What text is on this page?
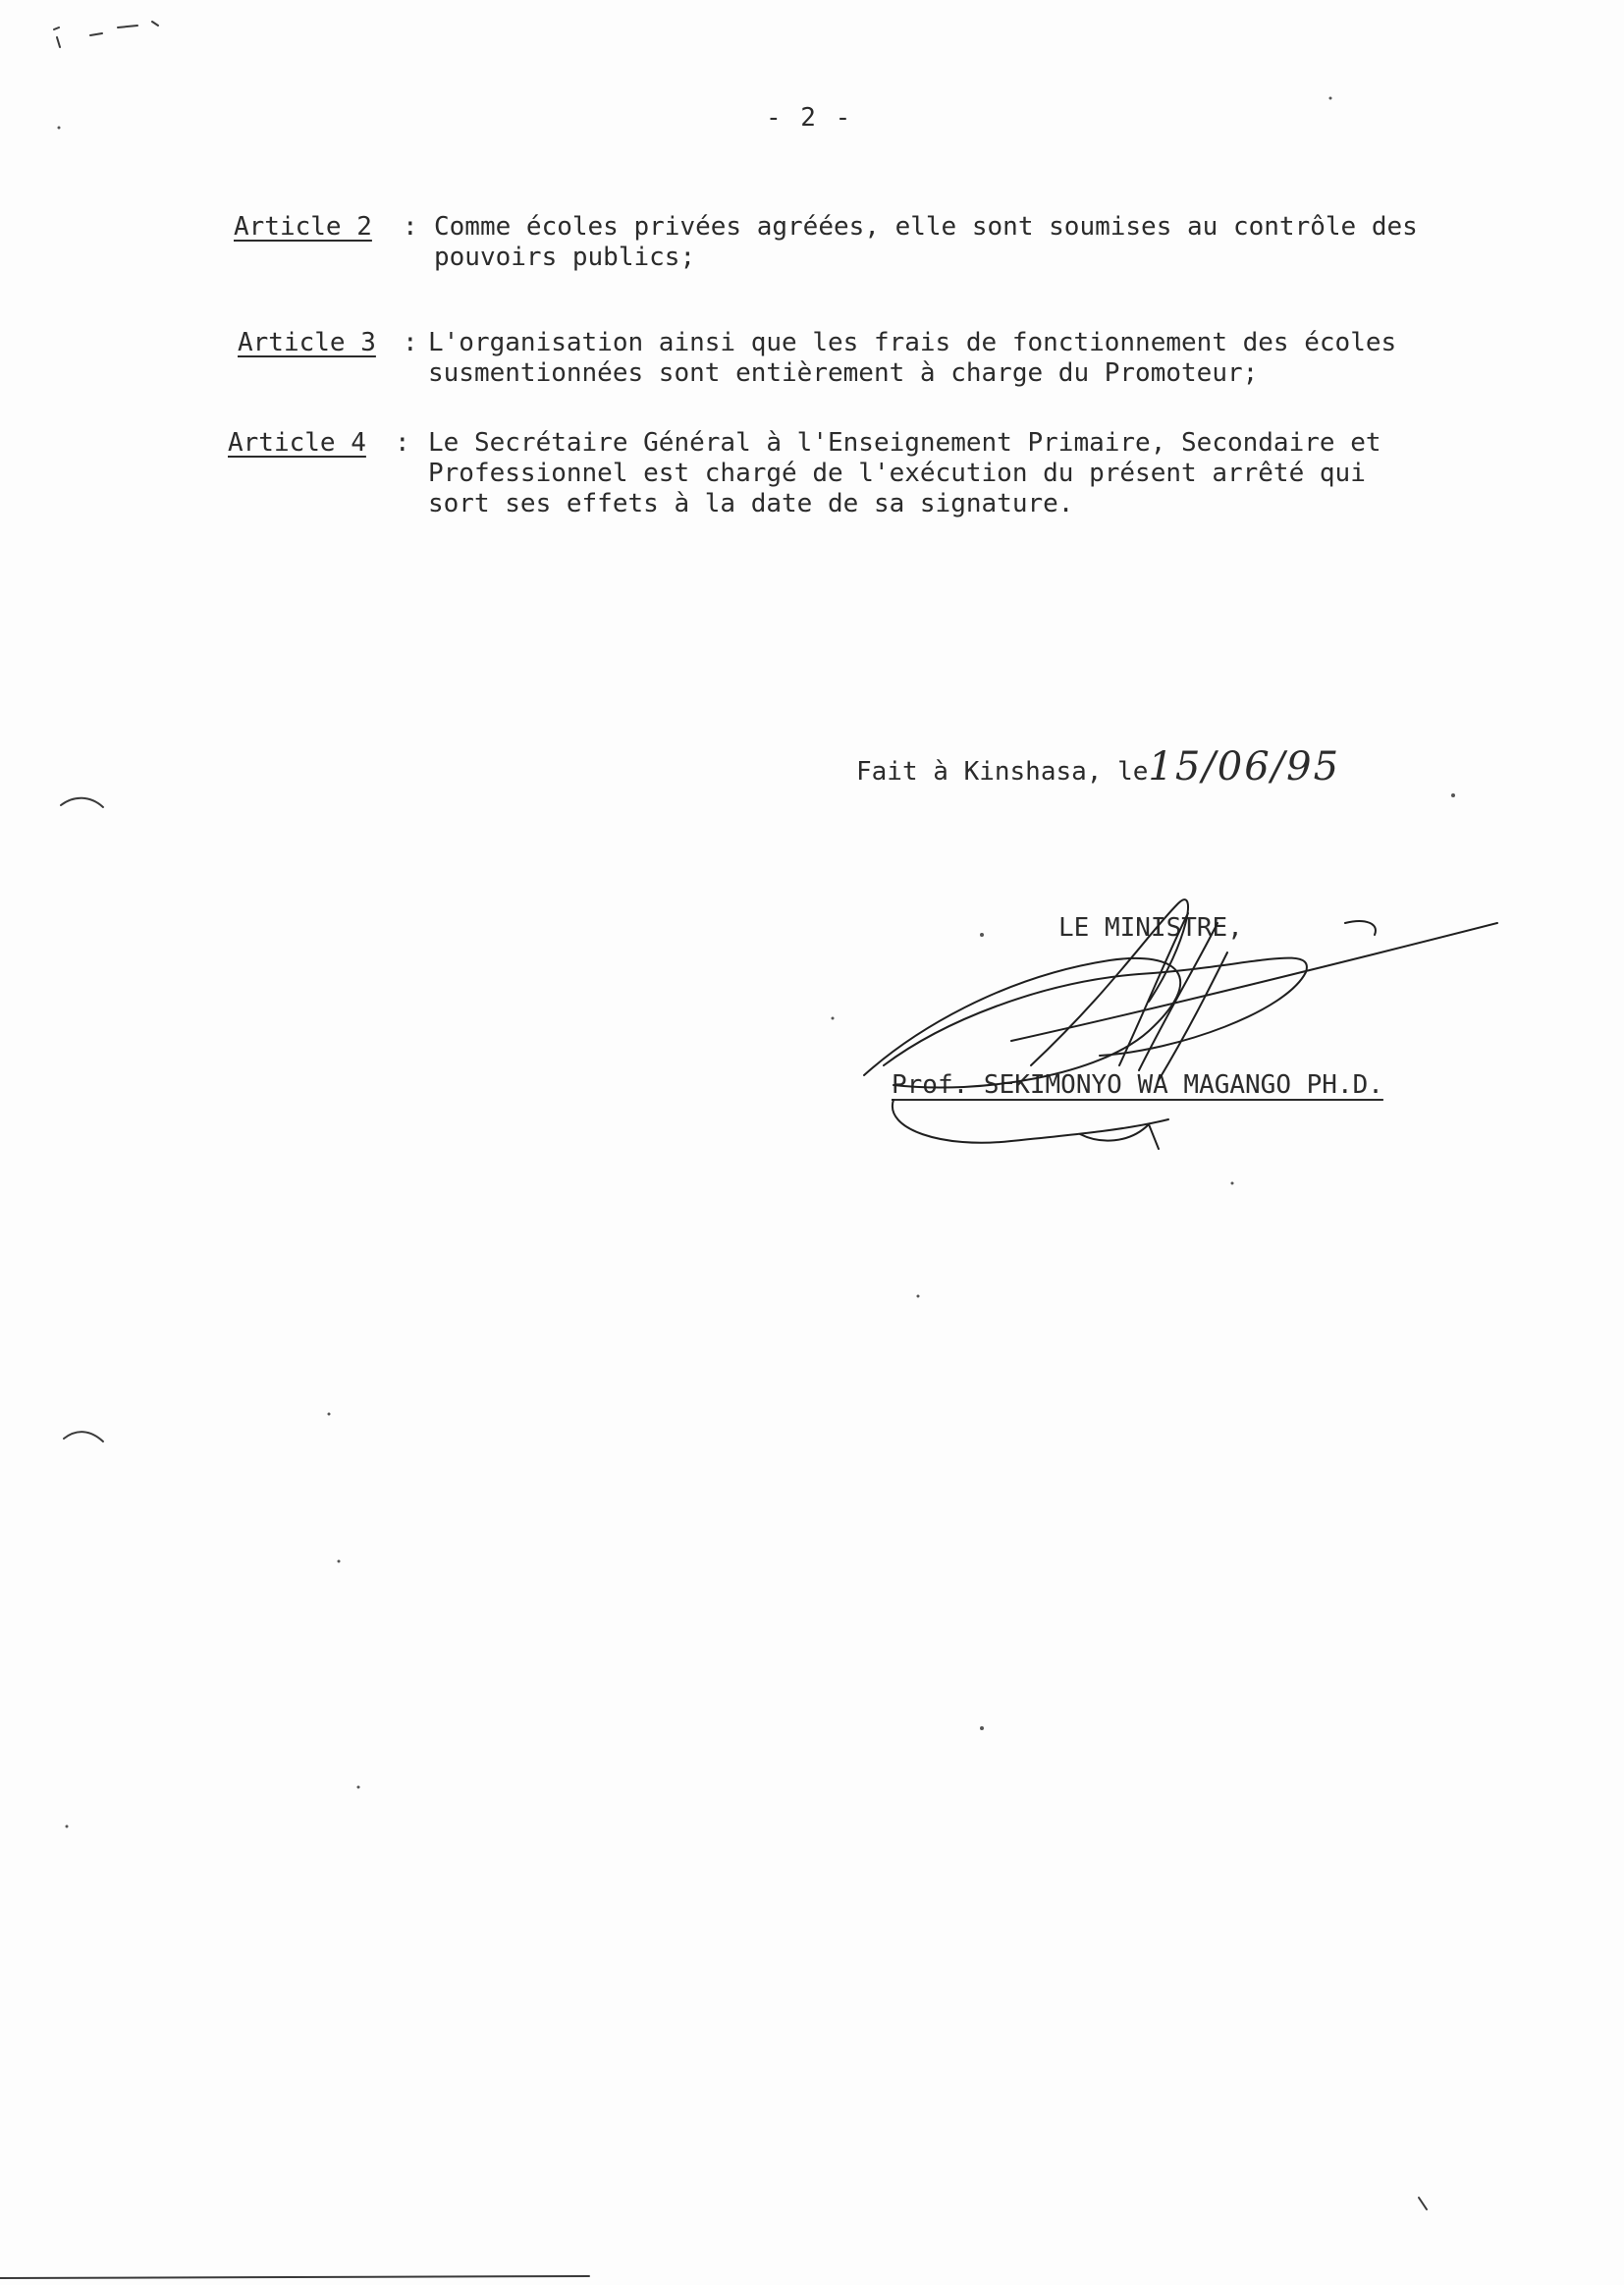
- 2 -
Article 2 : Comme écoles privées agréées, elle sont soumises au contrôle des
pouvoirs publics;
Article 3 : L'organisation ainsi que les frais de fonctionnement des écoles
susmentionnées sont entièrement à charge du Promoteur;
Article 4 : Le Secrétaire Général à l'Enseignement Primaire, Secondaire et
Professionnel est chargé de l'exécution du présent arrêté qui
sort ses effets à la date de sa signature.
Fait à Kinshasa, le15/06/95
LE MINISTRE,
Prof. SEKIMONYO WA MAGANGO PH.D.
